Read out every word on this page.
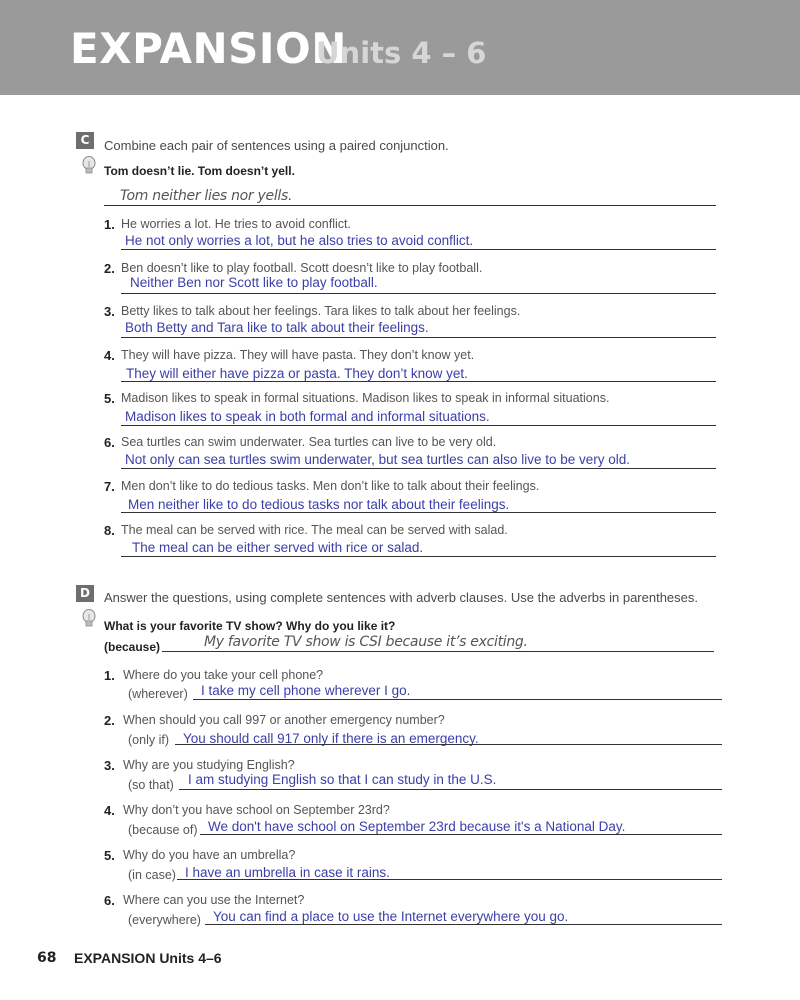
EXPANSION
Units 4 – 6
C	Combine each pair of sentences using a paired conjunction.
Tom doesn’t lie. Tom doesn’t yell.
Tom neither lies nor yells.
1. He worries a lot. He tries to avoid conflict.
He not only worries a lot, but he also tries to avoid conflict.
2. Ben doesn’t like to play football. Scott doesn’t like to play football.
Neither Ben nor Scott like to play football.
3. Betty likes to talk about her feelings. Tara likes to talk about her feelings.
Both Betty and Tara like to talk about their feelings.
4. They will have pizza. They will have pasta. They don’t know yet.
They will either have pizza or pasta. They don’t know yet.
5. Madison likes to speak in formal situations. Madison likes to speak in informal situations.
Madison likes to speak in both formal and informal situations.
6. Sea turtles can swim underwater. Sea turtles can live to be very old.
Not only can sea turtles swim underwater, but sea turtles can also live to be very old.
7. Men don’t like to do tedious tasks. Men don’t like to talk about their feelings.
Men neither like to do tedious tasks nor talk about their feelings.
8. The meal can be served with rice. The meal can be served with salad.
The meal can be either served with rice or salad.
D	Answer the questions, using complete sentences with adverb clauses. Use the adverbs in parentheses.
What is your favorite TV show? Why do you like it?
(because)	My favorite TV show is CSI because it’s exciting.
1. Where do you take your cell phone?
(wherever) I take my cell phone wherever I go.
2. When should you call 997 or another emergency number?
(only if) You should call 917 only if there is an emergency.
3. Why are you studying English?
(so that) I am studying English so that I can study in the U.S.
4. Why don’t you have school on September 23rd?
(because of) We don't have school on September 23rd because it's a National Day.
5. Why do you have an umbrella?
(in case) I have an umbrella in case it rains.
6. Where can you use the Internet?
(everywhere) You can find a place to use the Internet everywhere you go.
68 EXPANSION Units 4–6
